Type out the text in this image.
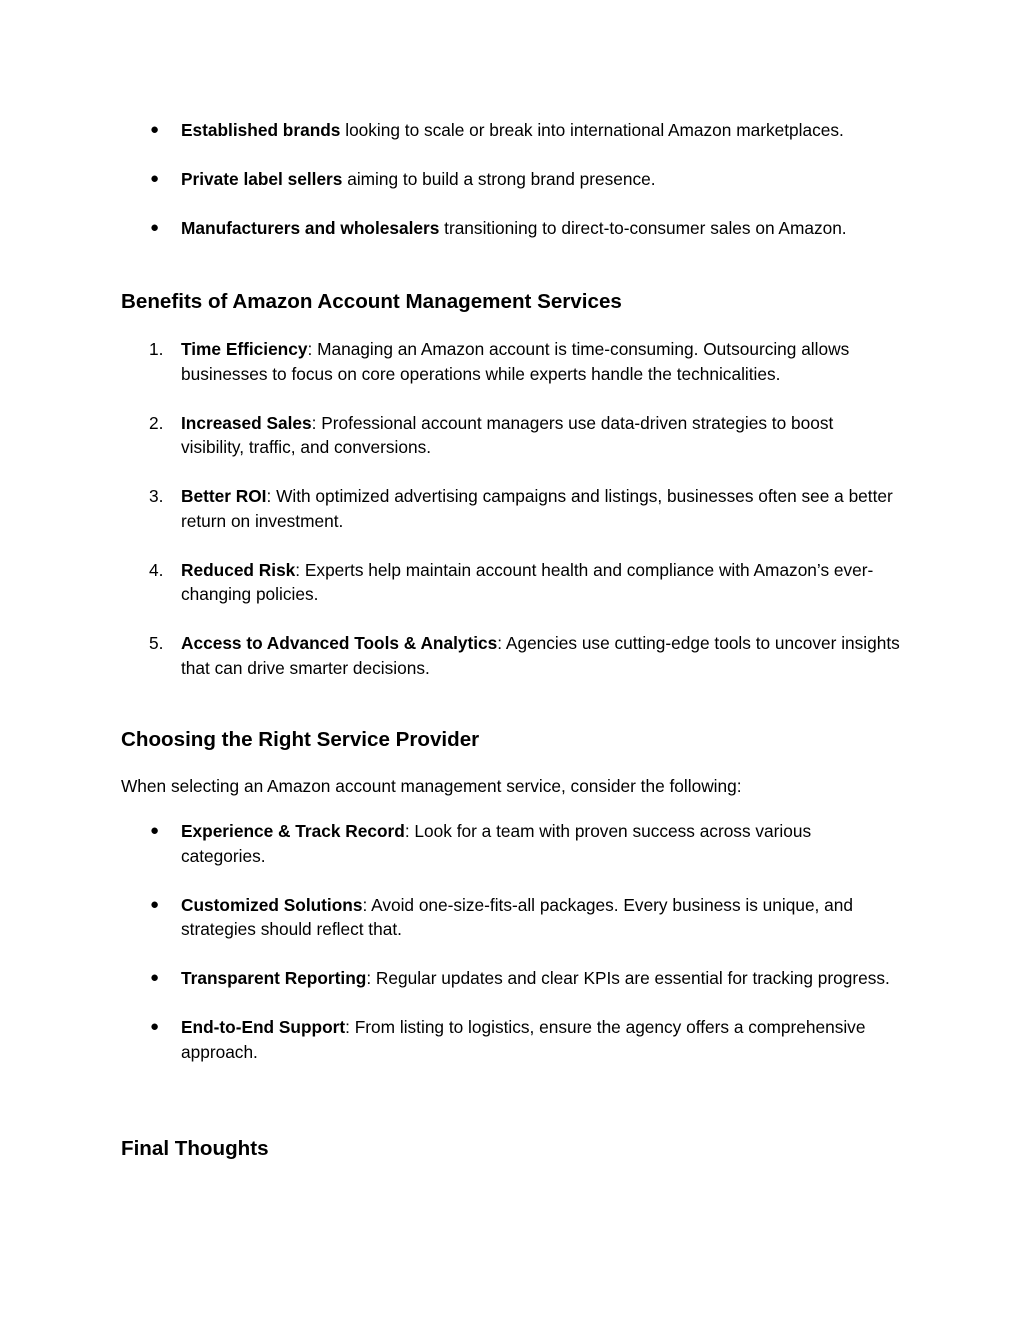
● Established brands looking to scale or break into international Amazon marketplaces.
● Private label sellers aiming to build a strong brand presence.
● Manufacturers and wholesalers transitioning to direct-to-consumer sales on Amazon.
Benefits of Amazon Account Management Services
1. Time Efficiency: Managing an Amazon account is time-consuming. Outsourcing allows businesses to focus on core operations while experts handle the technicalities.
2. Increased Sales: Professional account managers use data-driven strategies to boost visibility, traffic, and conversions.
3. Better ROI: With optimized advertising campaigns and listings, businesses often see a better return on investment.
4. Reduced Risk: Experts help maintain account health and compliance with Amazon’s ever-changing policies.
5. Access to Advanced Tools & Analytics: Agencies use cutting-edge tools to uncover insights that can drive smarter decisions.
Choosing the Right Service Provider

When selecting an Amazon account management service, consider the following:

● Experience & Track Record: Look for a team with proven success across various categories.
● Customized Solutions: Avoid one-size-fits-all packages. Every business is unique, and strategies should reflect that.
● Transparent Reporting: Regular updates and clear KPIs are essential for tracking progress.
● End-to-End Support: From listing to logistics, ensure the agency offers a comprehensive approach.
Final Thoughts
